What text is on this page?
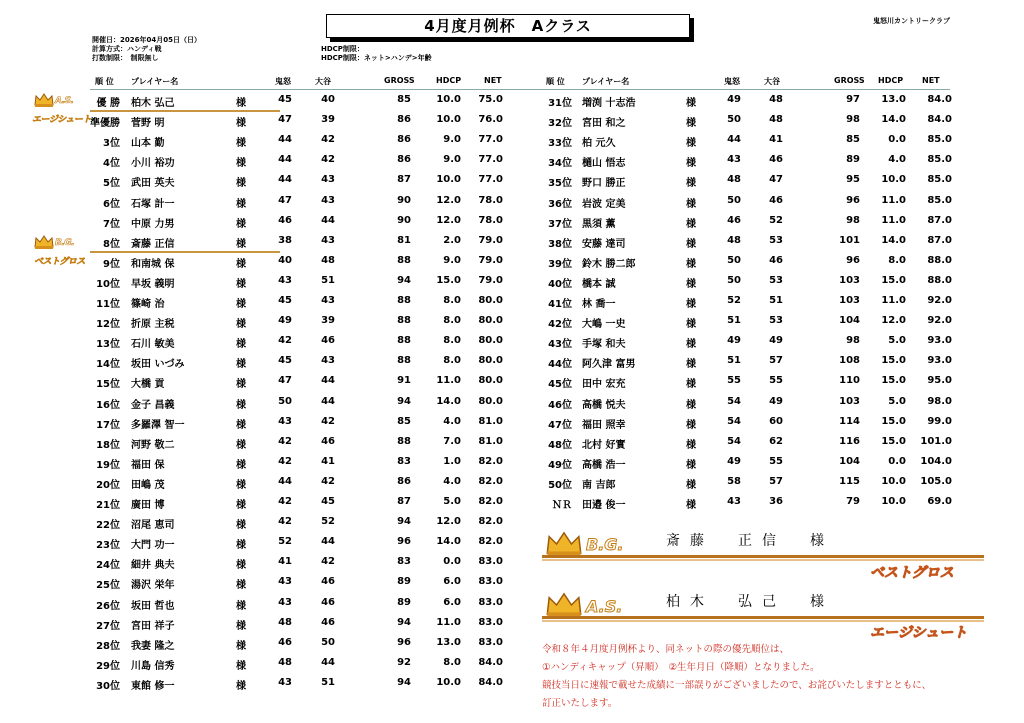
4月度月例杯　Aクラス	鬼怒川カントリークラブ
開催日：2026年04月05日（日）
計算方式：ハンディ戦
打数制限：　制限無し
HDCP制限：
HDCP制限：ネット>ハンデ>年齢
順 位 プレイヤー名	鬼怒	大谷	GROSS	HDCP	NET	順 位 プレイヤー名	鬼怒	大谷	GROSS HDCP NET
優 勝 柏木 弘己	様	45	40	85	10.0	75.0
準優勝 菅野 明	様	47	39	86	10.0	76.0
3位 山本 勤	様	44	42	86	9.0	77.0
4位 小川 裕功	様	44	42	86	9.0	77.0
5位 武田 英夫	様	44	43	87	10.0	77.0
6位 石塚 計一	様	47	43	90	12.0	78.0
7位 中原 力男	様	46	44	90	12.0	78.0
8位 斎藤 正信	様	38	43	81	2.0	79.0
9位 和南城 保	様	40	48	88	9.0	79.0
10位 早坂 義明	様	43	51	94	15.0	79.0
11位 篠崎 治	様	45	43	88	8.0	80.0
12位 折原 主税	様	49	39	88	8.0	80.0
13位 石川 敏美	様	42	46	88	8.0	80.0
14位 坂田 いづみ	様	45	43	88	8.0	80.0
15位 大橋 貢	様	47	44	91	11.0	80.0
16位 金子 昌義	様	50	44	94	14.0	80.0
17位 多羅澤 智一	様	43	42	85	4.0	81.0
18位 河野 敬二	様	42	46	88	7.0	81.0
19位 福田 保	様	42	41	83	1.0	82.0
20位 田嶋 茂	様	44	42	86	4.0	82.0
21位 廣田 博	様	42	45	87	5.0	82.0
22位 沼尾 恵司	様	42	52	94	12.0	82.0
23位 大門 功一	様	52	44	96	14.0	82.0
24位 細井 典夫	様	41	42	83	0.0	83.0
25位 湯沢 栄年	様	43	46	89	6.0	83.0
26位 坂田 哲也	様	43	46	89	6.0	83.0
27位 宮田 祥子	様	48	46	94	11.0	83.0
28位 我妻 隆之	様	46	50	96	13.0	83.0
29位 川島 信秀	様	48	44	92	8.0	84.0
30位 東館 修一	様	43	51	94	10.0	84.0
31位 増渕 十志浩	様	49	48	97	13.0	84.0
32位 宮田 和之	様	50	48	98	14.0	84.0
33位 柏 元久	様	44	41	85	0.0	85.0
34位 樋山 悟志	様	43	46	89	4.0	85.0
35位 野口 勝正	様	48	47	95	10.0	85.0
36位 岩波 定美	様	50	46	96	11.0	85.0
37位 黒須 薫	様	46	52	98	11.0	87.0
38位 安藤 達司	様	48	53	101	14.0	87.0
39位 鈴木 勝二郎	様	50	46	96	8.0	88.0
40位 橋本 誠	様	50	53	103	15.0	88.0
41位 林 喬一	様	52	51	103	11.0	92.0
42位 大嶋 一史	様	51	53	104	12.0	92.0
43位 手塚 和夫	様	49	49	98	5.0	93.0
44位 阿久津 富男	様	51	57	108	15.0	93.0
45位 田中 宏充	様	55	55	110	15.0	95.0
46位 高橋 悦夫	様	54	49	103	5.0	98.0
47位 福田 照幸	様	54	60	114	15.0	99.0
48位 北村 好實	様	54	62	116	15.0	101.0
49位 高橋 浩一	様	49	55	104	0.0	104.0
50位 南 吉郎	様	58	57	115	10.0	105.0
ＮＲ 田邉 俊一	様	43	36	79	10.0	69.0
A.S.
エージシュート
B.G.
ベストグロス
B.G.	斎藤　正信　様
ベストグロス
A.S.	柏木　弘己　様
エージシュート
令和８年４月度月例杯より、同ネットの際の優先順位は、
①ハンディキャップ（昇順）　②生年月日（降順）となりました。
競技当日に速報で載せた成績に一部誤りがございましたので、お詫びいたしますとともに、
訂正いたします。
